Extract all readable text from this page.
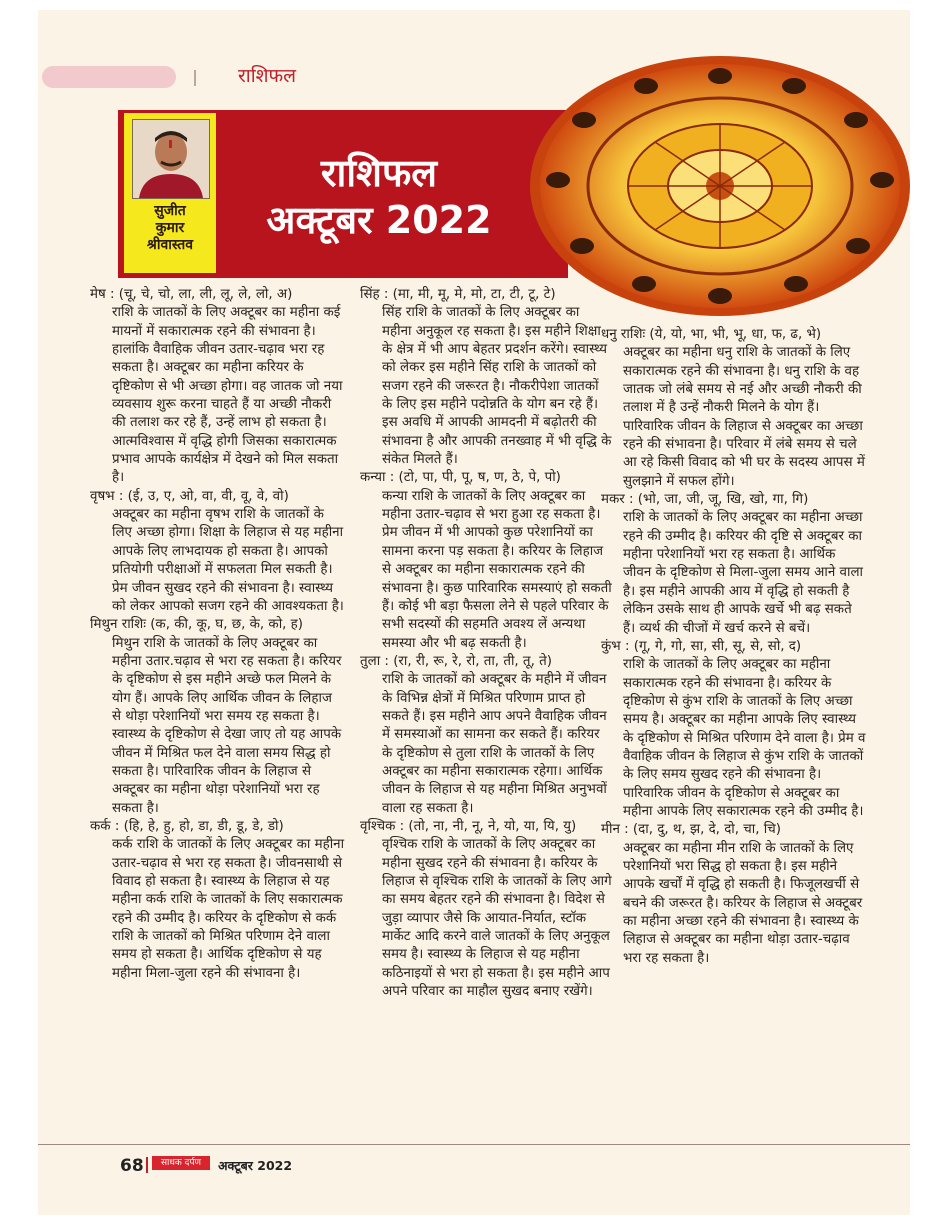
राशिफल
सुजीत
कुमार
श्रीवास्तव
राशिफल
अक्टूबर 2022

मेष : (चू, चे, चो, ला, ली, लू, ले, लो, अ)
राशि के जातकों के लिए अक्टूबर का महीना कई मायनों में सकारात्मक रहने की संभावना है। हालांकि वैवाहिक जीवन उतार-चढ़ाव भरा रह सकता है। अक्टूबर का महीना करियर के दृष्टिकोण से भी अच्छा होगा। वह जातक जो नया व्यवसाय शुरू करना चाहते हैं या अच्छी नौकरी की तलाश कर रहे हैं, उन्हें लाभ हो सकता है। आत्मविश्वास में वृद्धि होगी जिसका सकारात्मक प्रभाव आपके कार्यक्षेत्र में देखने को मिल सकता है।

वृषभ : (ई, उ, ए, ओ, वा, वी, वू, वे, वो)
अक्टूबर का महीना वृषभ राशि के जातकों के लिए अच्छा होगा। शिक्षा के लिहाज से यह महीना आपके लिए लाभदायक हो सकता है। आपको प्रतियोगी परीक्षाओं में सफलता मिल सकती है। प्रेम जीवन सुखद रहने की संभावना है। स्वास्थ्य को लेकर आपको सजग रहने की आवश्यकता है।

मिथुन राशिः (क, की, कू, घ, छ, के, को, ह)
मिथुन राशि के जातकों के लिए अक्टूबर का महीना उतार.चढ़ाव से भरा रह सकता है। करियर के दृष्टिकोण से इस महीने अच्छे फल मिलने के योग हैं। आपके लिए आर्थिक जीवन के लिहाज से थोड़ा परेशानियों भरा समय रह सकता है। स्वास्थ्य के दृष्टिकोण से देखा जाए तो यह आपके जीवन में मिश्रित फल देने वाला समय सिद्ध हो सकता है। पारिवारिक जीवन के लिहाज से अक्टूबर का महीना थोड़ा परेशानियों भरा रह सकता है।

कर्क : (हि, हे, हु, हो, डा, डी, डू, डे, डो)
कर्क राशि के जातकों के लिए अक्टूबर का महीना उतार-चढ़ाव से भरा रह सकता है। जीवनसाथी से विवाद हो सकता है। स्वास्थ्य के लिहाज से यह महीना कर्क राशि के जातकों के लिए सकारात्मक रहने की उम्मीद है। करियर के दृष्टिकोण से कर्क राशि के जातकों को मिश्रित परिणाम देने वाला समय हो सकता है। आर्थिक दृष्टिकोण से यह महीना मिला-जुला रहने की संभावना है।

सिंह : (मा, मी, मू, मे, मो, टा, टी, टू, टे)
सिंह राशि के जातकों के लिए अक्टूबर का महीना अनुकूल रह सकता है। इस महीने शिक्षा के क्षेत्र में भी आप बेहतर प्रदर्शन करेंगे। स्वास्थ्य को लेकर इस महीने सिंह राशि के जातकों को सजग रहने की जरूरत है। नौकरीपेशा जातकों के लिए इस महीने पदोन्नति के योग बन रहे हैं। इस अवधि में आपकी आमदनी में बढ़ोतरी की संभावना है और आपकी तनख्वाह में भी वृद्धि के संकेत मिलते हैं।

कन्या : (टो, पा, पी, पू, ष, ण, ठे, पे, पो)
कन्या राशि के जातकों के लिए अक्टूबर का महीना उतार-चढ़ाव से भरा हुआ रह सकता है। प्रेम जीवन में भी आपको कुछ परेशानियों का सामना करना पड़ सकता है। करियर के लिहाज से अक्टूबर का महीना सकारात्मक रहने की संभावना है। कुछ पारिवारिक समस्याएं हो सकती हैं। कोई भी बड़ा फैसला लेने से पहले परिवार के सभी सदस्यों की सहमति अवश्य लें अन्यथा समस्या और भी बढ़ सकती है।

तुला : (रा, री, रू, रे, रो, ता, ती, तू, ते)
राशि के जातकों को अक्टूबर के महीने में जीवन के विभिन्न क्षेत्रों में मिश्रित परिणाम प्राप्त हो सकते हैं। इस महीने आप अपने वैवाहिक जीवन में समस्याओं का सामना कर सकते हैं। करियर के दृष्टिकोण से तुला राशि के जातकों के लिए अक्टूबर का महीना सकारात्मक रहेगा। आर्थिक जीवन के लिहाज से यह महीना मिश्रित अनुभवों वाला रह सकता है।

वृश्चिक : (तो, ना, नी, नू, ने, यो, या, यि, यु)
वृश्चिक राशि के जातकों के लिए अक्टूबर का महीना सुखद रहने की संभावना है। करियर के लिहाज से वृश्चिक राशि के जातकों के लिए आगे का समय बेहतर रहने की संभावना है। विदेश से जुड़ा व्यापार जैसे कि आयात-निर्यात, स्टॉक मार्केट आदि करने वाले जातकों के लिए अनुकूल समय है। स्वास्थ्य के लिहाज से यह महीना कठिनाइयों से भरा हो सकता है। इस महीने आप अपने परिवार का माहौल सुखद बनाए रखेंगे।

धनु राशिः (ये, यो, भा, भी, भू, धा, फ, ढ, भे)
अक्टूबर का महीना धनु राशि के जातकों के लिए सकारात्मक रहने की संभावना है। धनु राशि के वह जातक जो लंबे समय से नई और अच्छी नौकरी की तलाश में है उन्हें नौकरी मिलने के योग हैं। पारिवारिक जीवन के लिहाज से अक्टूबर का अच्छा रहने की संभावना है। परिवार में लंबे समय से चले आ रहे किसी विवाद को भी घर के सदस्य आपस में सुलझाने में सफल होंगे।

मकर : (भो, जा, जी, जू, खि, खो, गा, गि)
राशि के जातकों के लिए अक्टूबर का महीना अच्छा रहने की उम्मीद है। करियर की दृष्टि से अक्टूबर का महीना परेशानियों भरा रह सकता है। आर्थिक जीवन के दृष्टिकोण से मिला-जुला समय आने वाला है। इस महीने आपकी आय में वृद्धि हो सकती है लेकिन उसके साथ ही आपके खर्चे भी बढ़ सकते हैं। व्यर्थ की चीजों में खर्च करने से बचें।

कुंभ : (गू, गे, गो, सा, सी, सू, से, सो, द)
राशि के जातकों के लिए अक्टूबर का महीना सकारात्मक रहने की संभावना है। करियर के दृष्टिकोण से कुंभ राशि के जातकों के लिए अच्छा समय है। अक्टूबर का महीना आपके लिए स्वास्थ्य के दृष्टिकोण से मिश्रित परिणाम देने वाला है। प्रेम व वैवाहिक जीवन के लिहाज से कुंभ राशि के जातकों के लिए समय सुखद रहने की संभावना है। पारिवारिक जीवन के दृष्टिकोण से अक्टूबर का महीना आपके लिए सकारात्मक रहने की उम्मीद है।

मीन : (दा, दु, थ, झ, दे, दो, चा, चि)
अक्टूबर का महीना मीन राशि के जातकों के लिए परेशानियों भरा सिद्ध हो सकता है। इस महीने आपके खर्चों में वृद्धि हो सकती है। फिजूलखर्ची से बचने की जरूरत है। करियर के लिहाज से अक्टूबर का महीना अच्छा रहने की संभावना है। स्वास्थ्य के लिहाज से अक्टूबर का महीना थोड़ा उतार-चढ़ाव भरा रह सकता है।

68	साधक दर्पण	अक्टूबर 2022
